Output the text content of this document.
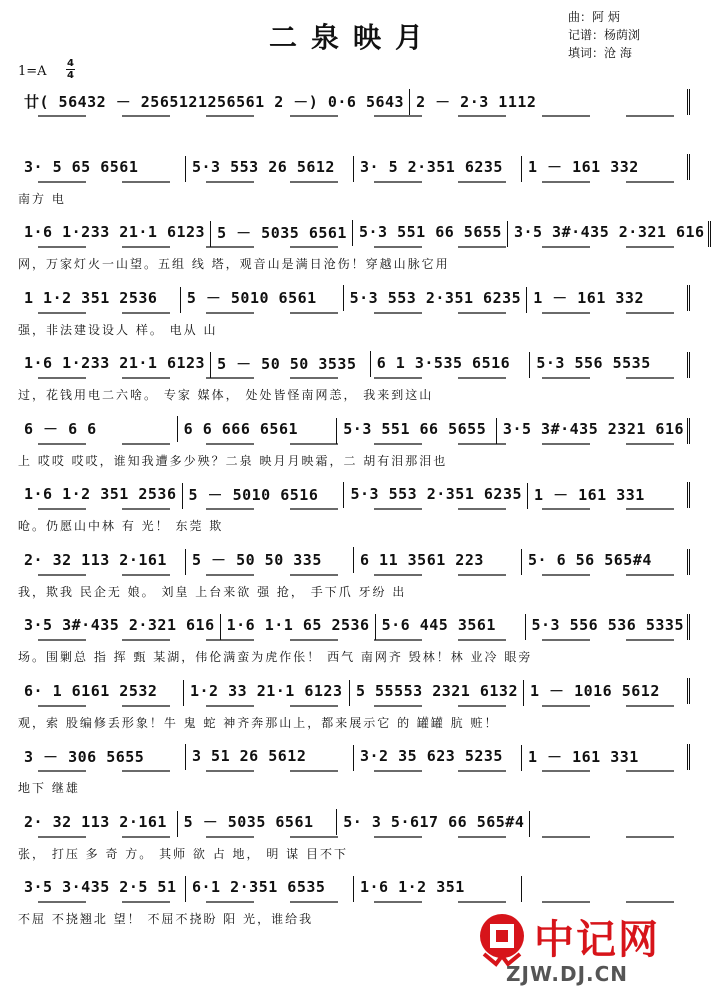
二泉映月
曲：阿 炳
记谱：杨荫浏
填词：沧 海
1=A
4
4
廿( 56432 － 2565121256561 2 －) 0·6 5643 2 － 2·3 1112
3· 5 65 6561	5·3 553 26 5612	3· 5 2·351 6235	1 － 161 332
南方 电
1·6 1·233 21·1 6123 5 － 5035 6561 5·3 551 66 5655 3·5 3#·435 2·321 616
网，万家灯火一山望。五组 线 塔，观音山是满日沧伤！穿越山脉它用
1 1·2 351 2536	5 － 5010 6561	5·3 553 2·351 6235 1 － 161 332
强，非法建设设人 样。 电从 山
1·6 1·233 21·1 6123 5 － 50 50 3535	6 1 3·535 6516	5·3 556 5535
过，花钱用电二六啥。 专家 媒体， 处处皆怪南网恙， 我来到这山
6 － 6 6	6 6 666 6561	5·3 551 66 5655	3·5 3#·435 2321 616
上 哎哎 哎哎，谁知我遭多少殃？二泉 映月月映霜，二 胡有泪那泪也
1·6 1·2 351 2536 5 － 5010 6516	5·3 553 2·351 6235 1 － 161 331
呛。仍愿山中林 有 光！ 东莞 欺
2· 32 113 2·161	5 － 50 50 335	6 11 3561 223	5· 6 56 565#4
我，欺我 民企无 娘。 刘皇 上台来欲 强 抢， 手下爪 牙纷 出
3·5 3#·435 2·321 616 1·6 1·1 65 2536 5·6 445 3561	5·3 556 536 5335
场。围剿总 指 挥 甄 某湖，伟伦满蛮为虎作伥！ 西气 南网齐 毁林！林 业冷 眼旁
6· 1 6161 2532	1·2 33 21·1 6123 5 55553 2321 6132 1 － 1016 5612
观，索 股编修丢形象！牛 鬼 蛇 神齐奔那山上，都来展示它 的 罐罐 肮 赃！
3 － 306 5655	3 51 26 5612	3·2 35 623 5235	1 － 161 331
地下 继雄
2· 32 113 2·161	5 － 5035 6561	5· 3 5·617 66 565#4
张， 打压 多 奇 方。 其师 欲 占 地， 明 谋 目不下
3·5 3·435 2·5 51	6·1 2·351 6535	1·6 1·2 351
不屈 不挠翘北 望！ 不屈不挠盼 阳 光，谁给我	中记网
ZJW.DJ.CN
